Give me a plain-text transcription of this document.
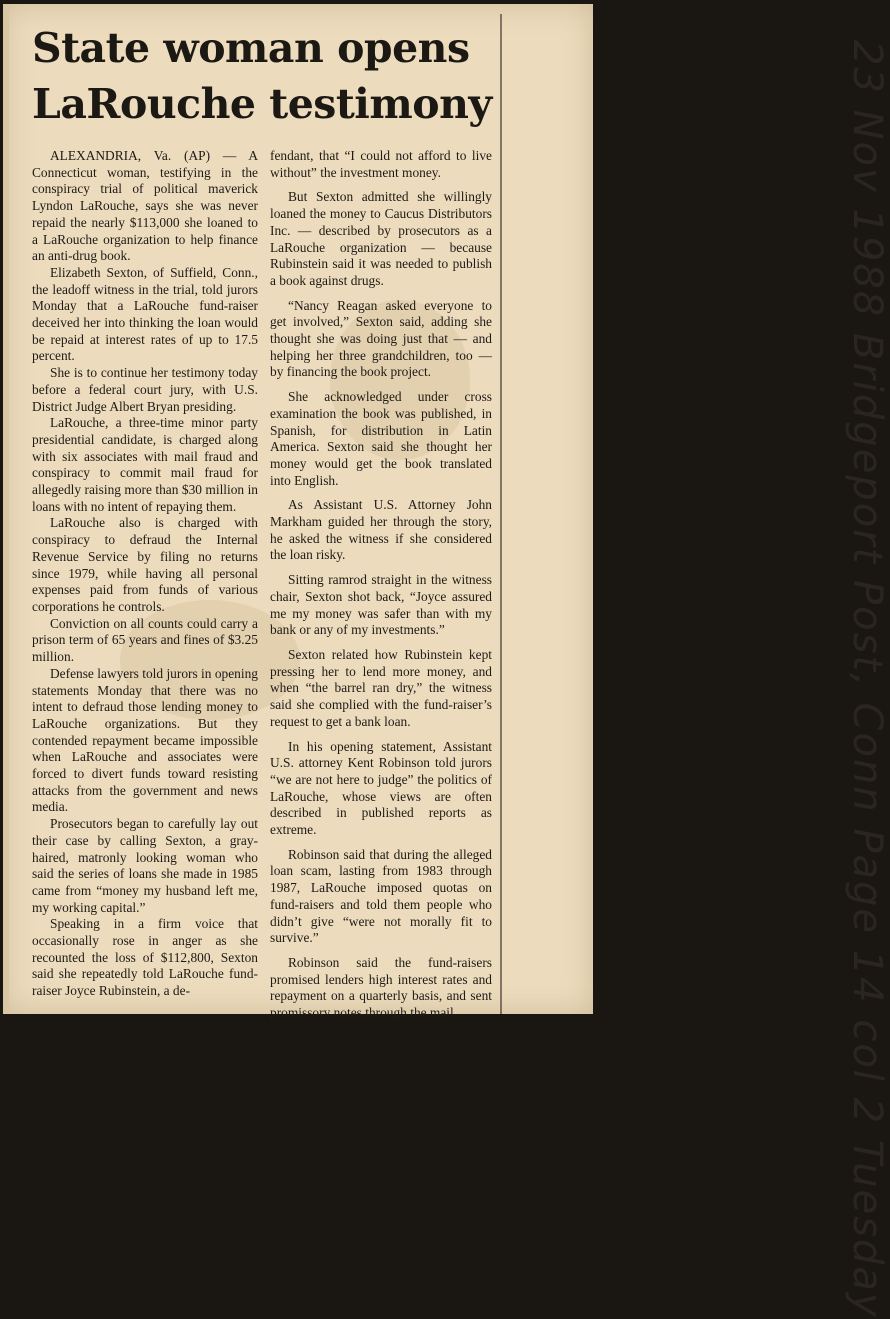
State woman opens LaRouche testimony

ALEXANDRIA, Va. (AP) — A Connecticut woman, testifying in the conspiracy trial of political maverick Lyndon LaRouche, says she was never repaid the nearly $113,000 she loaned to a LaRouche organization to help finance an anti-drug book.

Elizabeth Sexton, of Suffield, Conn., the leadoff witness in the trial, told jurors Monday that a LaRouche fund-raiser deceived her into thinking the loan would be repaid at interest rates of up to 17.5 percent.

She is to continue her testimony today before a federal court jury, with U.S. District Judge Albert Bryan presiding.

LaRouche, a three-time minor party presidential candidate, is charged along with six associates with mail fraud and conspiracy to commit mail fraud for allegedly raising more than $30 million in loans with no intent of repaying them.

LaRouche also is charged with conspiracy to defraud the Internal Revenue Service by filing no returns since 1979, while having all personal expenses paid from funds of various corporations he controls.

Conviction on all counts could carry a prison term of 65 years and fines of $3.25 million.

Defense lawyers told jurors in opening statements Monday that there was no intent to defraud those lending money to LaRouche organizations. But they contended repayment became impossible when LaRouche and associates were forced to divert funds toward resisting attacks from the government and news media.

Prosecutors began to carefully lay out their case by calling Sexton, a gray-haired, matronly looking woman who said the series of loans she made in 1985 came from “money my husband left me, my working capital.”

Speaking in a firm voice that occasionally rose in anger as she recounted the loss of $112,800, Sexton said she repeatedly told LaRouche fund-raiser Joyce Rubinstein, a de-

fendant, that “I could not afford to live without” the investment money.

But Sexton admitted she willingly loaned the money to Caucus Distributors Inc. — described by prosecutors as a LaRouche organization — because Rubinstein said it was needed to publish a book against drugs.

“Nancy Reagan asked everyone to get involved,” Sexton said, adding she thought she was doing just that — and helping her three grandchildren, too — by financing the book project.

She acknowledged under cross examination the book was published, in Spanish, for distribution in Latin America. Sexton said she thought her money would get the book translated into English.

As Assistant U.S. Attorney John Markham guided her through the story, he asked the witness if she considered the loan risky.

Sitting ramrod straight in the witness chair, Sexton shot back, “Joyce assured me my money was safer than with my bank or any of my investments.”

Sexton related how Rubinstein kept pressing her to lend more money, and when “the barrel ran dry,” the witness said she complied with the fund-raiser’s request to get a bank loan.

In his opening statement, Assistant U.S. attorney Kent Robinson told jurors “we are not here to judge” the politics of LaRouche, whose views are often described in published reports as extreme.

Robinson said that during the alleged loan scam, lasting from 1983 through 1987, LaRouche imposed quotas on fund-raisers and told them people who didn’t give “were not morally fit to survive.”

Robinson said the fund-raisers promised lenders high interest rates and repayment on a quarterly basis, and sent promissory notes through the mail.	23 Nov 1988 Bridgeport Post, Conn Page 14 col 2 Tuesday
